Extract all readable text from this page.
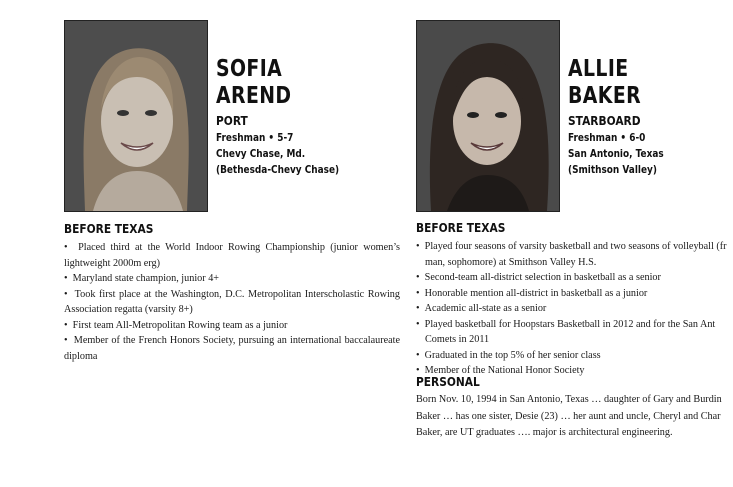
SOFIA
AREND
PORT
Freshman • 5-7
Chevy Chase, Md.
(Bethesda-Chevy Chase)
BEFORE TEXAS
•  Placed third at the World Indoor Rowing Championship (junior women’s lightweight 2000m erg)
•  Maryland state champion, junior 4+
•  Took first place at the Washington, D.C. Metropolitan Interscholastic Rowing Association regatta (varsity 8+)
•  First team All-Metropolitan Rowing team as a junior
•  Member of the French Honors Society, pursuing an international baccalaureate diploma
ALLIE
BAKER
STARBOARD
Freshman • 6-0
San Antonio, Texas
(Smithson Valley)
BEFORE TEXAS
•  Played four seasons of varsity basketball and two seasons of volleyball (fr
man, sophomore) at Smithson Valley H.S.
•  Second-team all-district selection in basketball as a senior
•  Honorable mention all-district in basketball as a junior
•  Academic all-state as a senior
•  Played basketball for Hoopstars Basketball in 2012 and for the San Ant
Comets in 2011
•  Graduated in the top 5% of her senior class
•  Member of the National Honor Society
PERSONAL
Born Nov. 10, 1994 in San Antonio, Texas … daughter of Gary and Burdin
Baker … has one sister, Desie (23) … her aunt and uncle, Cheryl and Char
Baker, are UT graduates …. major is architectural engineering.
